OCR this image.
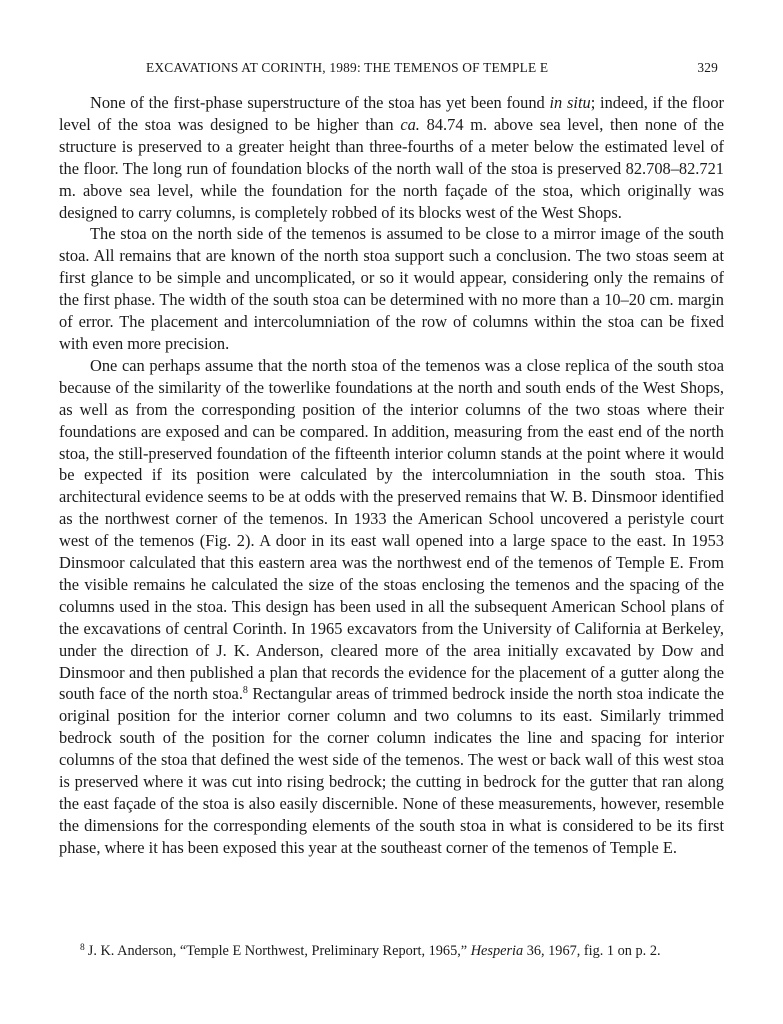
EXCAVATIONS AT CORINTH, 1989: THE TEMENOS OF TEMPLE E	329

None of the first-phase superstructure of the stoa has yet been found in situ; indeed, if the floor level of the stoa was designed to be higher than ca. 84.74 m. above sea level, then none of the structure is preserved to a greater height than three-fourths of a meter below the estimated level of the floor. The long run of foundation blocks of the north wall of the stoa is preserved 82.708–82.721 m. above sea level, while the foundation for the north façade of the stoa, which originally was designed to carry columns, is completely robbed of its blocks west of the West Shops.

The stoa on the north side of the temenos is assumed to be close to a mirror image of the south stoa. All remains that are known of the north stoa support such a conclusion. The two stoas seem at first glance to be simple and uncomplicated, or so it would appear, considering only the remains of the first phase. The width of the south stoa can be determined with no more than a 10–20 cm. margin of error. The placement and intercolumniation of the row of columns within the stoa can be fixed with even more precision.

One can perhaps assume that the north stoa of the temenos was a close replica of the south stoa because of the similarity of the towerlike foundations at the north and south ends of the West Shops, as well as from the corresponding position of the interior columns of the two stoas where their foundations are exposed and can be compared. In addition, measuring from the east end of the north stoa, the still-preserved foundation of the fifteenth interior column stands at the point where it would be expected if its position were calculated by the intercolumniation in the south stoa. This architectural evidence seems to be at odds with the preserved remains that W. B. Dinsmoor identified as the northwest corner of the temenos. In 1933 the American School uncovered a peristyle court west of the temenos (Fig. 2). A door in its east wall opened into a large space to the east. In 1953 Dinsmoor calculated that this eastern area was the northwest end of the temenos of Temple E. From the visible remains he calculated the size of the stoas enclosing the temenos and the spacing of the columns used in the stoa. This design has been used in all the subsequent American School plans of the excavations of central Corinth. In 1965 excavators from the University of California at Berkeley, under the direction of J. K. Anderson, cleared more of the area initially excavated by Dow and Dinsmoor and then published a plan that records the evidence for the placement of a gutter along the south face of the north stoa.$^8$ Rectangular areas of trimmed bedrock inside the north stoa indicate the original position for the interior corner column and two columns to its east. Similarly trimmed bedrock south of the position for the corner column indicates the line and spacing for interior columns of the stoa that defined the west side of the temenos. The west or back wall of this west stoa is preserved where it was cut into rising bedrock; the cutting in bedrock for the gutter that ran along the east façade of the stoa is also easily discernible. None of these measurements, however, resemble the dimensions for the corresponding elements of the south stoa in what is considered to be its first phase, where it has been exposed this year at the southeast corner of the temenos of Temple E.

$^8$ J. K. Anderson, “Temple E Northwest, Preliminary Report, 1965,” Hesperia 36, 1967, fig. 1 on p. 2.
